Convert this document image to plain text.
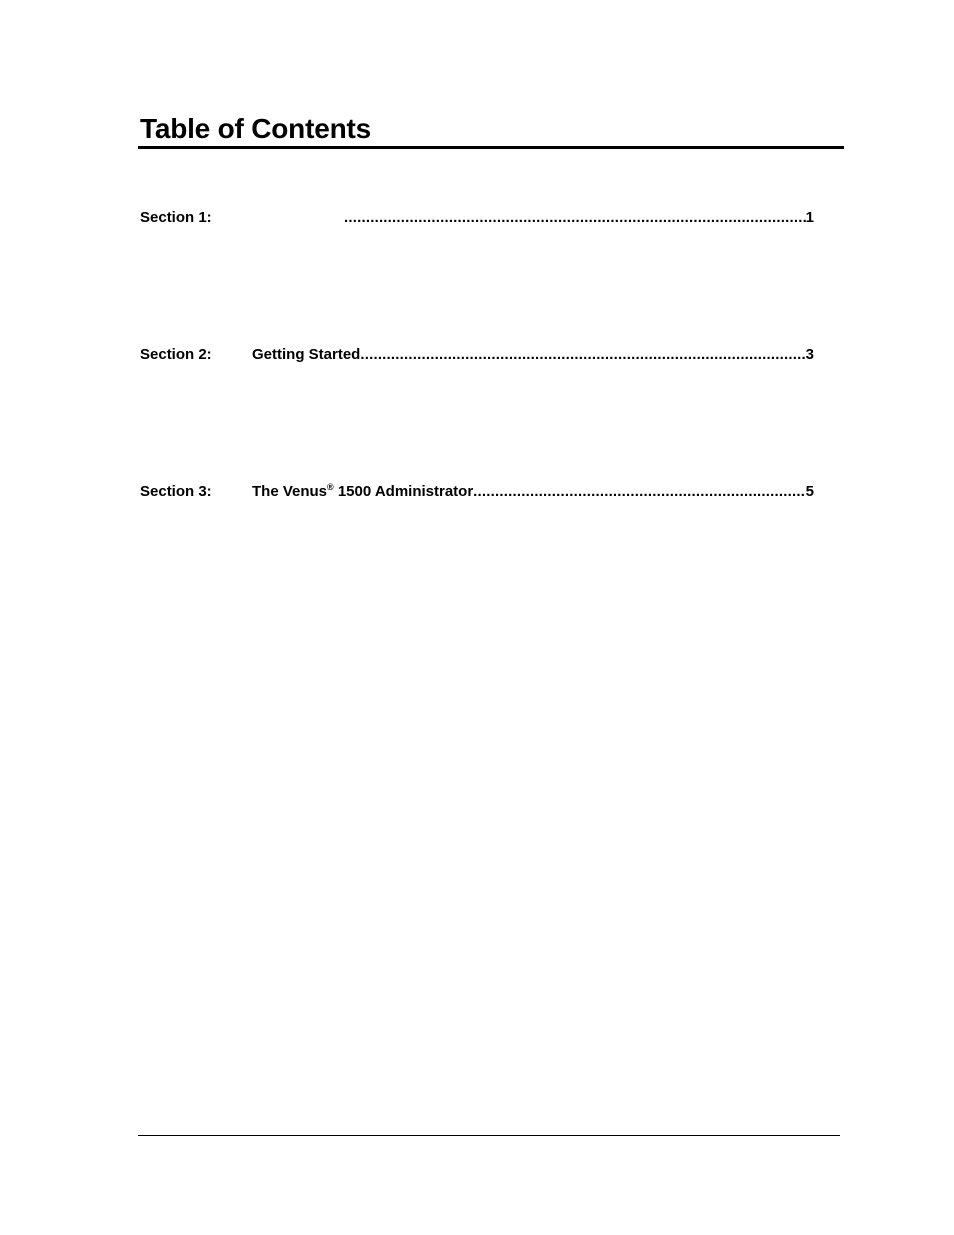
Table of Contents
Section 1: .....	1
Section 2:	Getting Started .....	3
Section 3:	The Venus® 1500 Administrator .....	5
